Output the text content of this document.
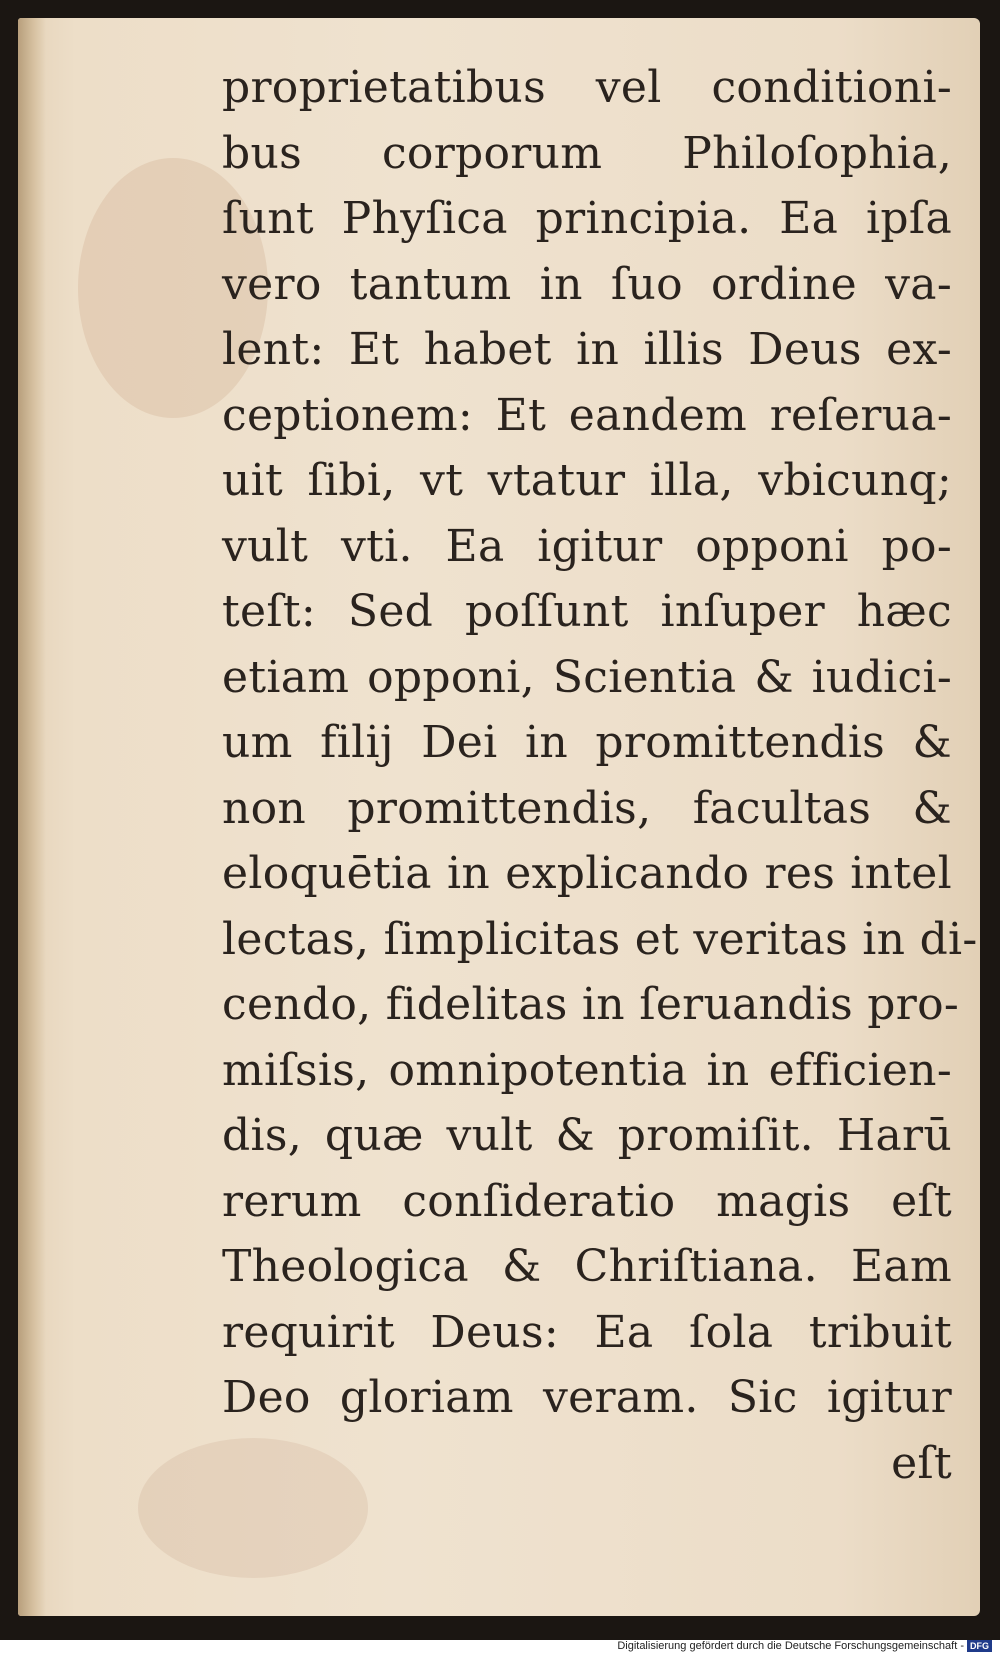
proprietatibus vel conditioni-
bus corporum Philoſophia,
ſunt Phyſica principia. Ea ipſa
vero tantum in ſuo ordine va-
lent: Et habet in illis Deus ex-
ceptionem: Et eandem reſerua-
uit ſibi, vt vtatur illa, vbicunq;
vult vti. Ea igitur opponi po-
teſt: Sed poſſunt inſuper hæc
etiam opponi, Scientia & iudici-
um filij Dei in promittendis &
non promittendis, facultas &
eloquētia in explicando res intel
lectas, ſimplicitas et veritas in di-
cendo, fidelitas in ſeruandis pro-
miſsis, omnipotentia in efficien-
dis, quæ vult & promiſit. Harū
rerum conſideratio magis eſt
Theologica & Chriſtiana. Eam
requirit Deus: Ea ſola tribuit
Deo gloriam veram. Sic igitur
eſt
Digitalisierung gefördert durch die Deutsche Forschungsgemeinschaft - DFG
